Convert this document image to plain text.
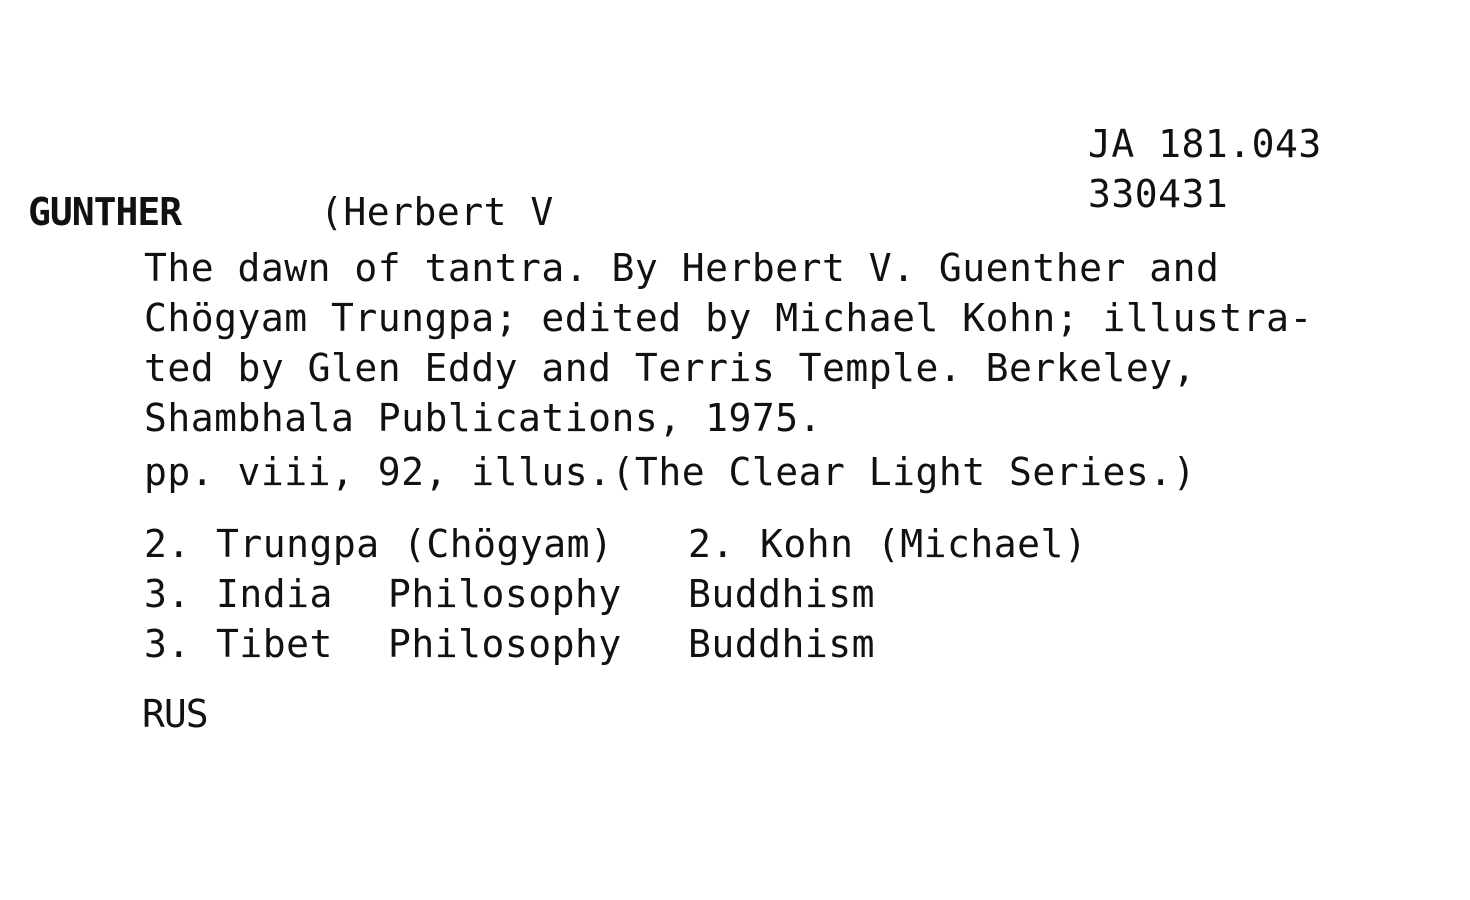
JA 181.043
330431
GUNTHER	(Herbert V
The dawn of tantra. By Herbert V. Guenther and
Chögyam Trungpa; edited by Michael Kohn; illustra-
ted by Glen Eddy and Terris Temple. Berkeley,
Shambhala Publications, 1975.
pp. viii, 92, illus.(The Clear Light Series.)
2. Trungpa (Chögyam) 2. Kohn (Michael)
3. India Philosophy Buddhism
3. Tibet Philosophy Buddhism
RUS
